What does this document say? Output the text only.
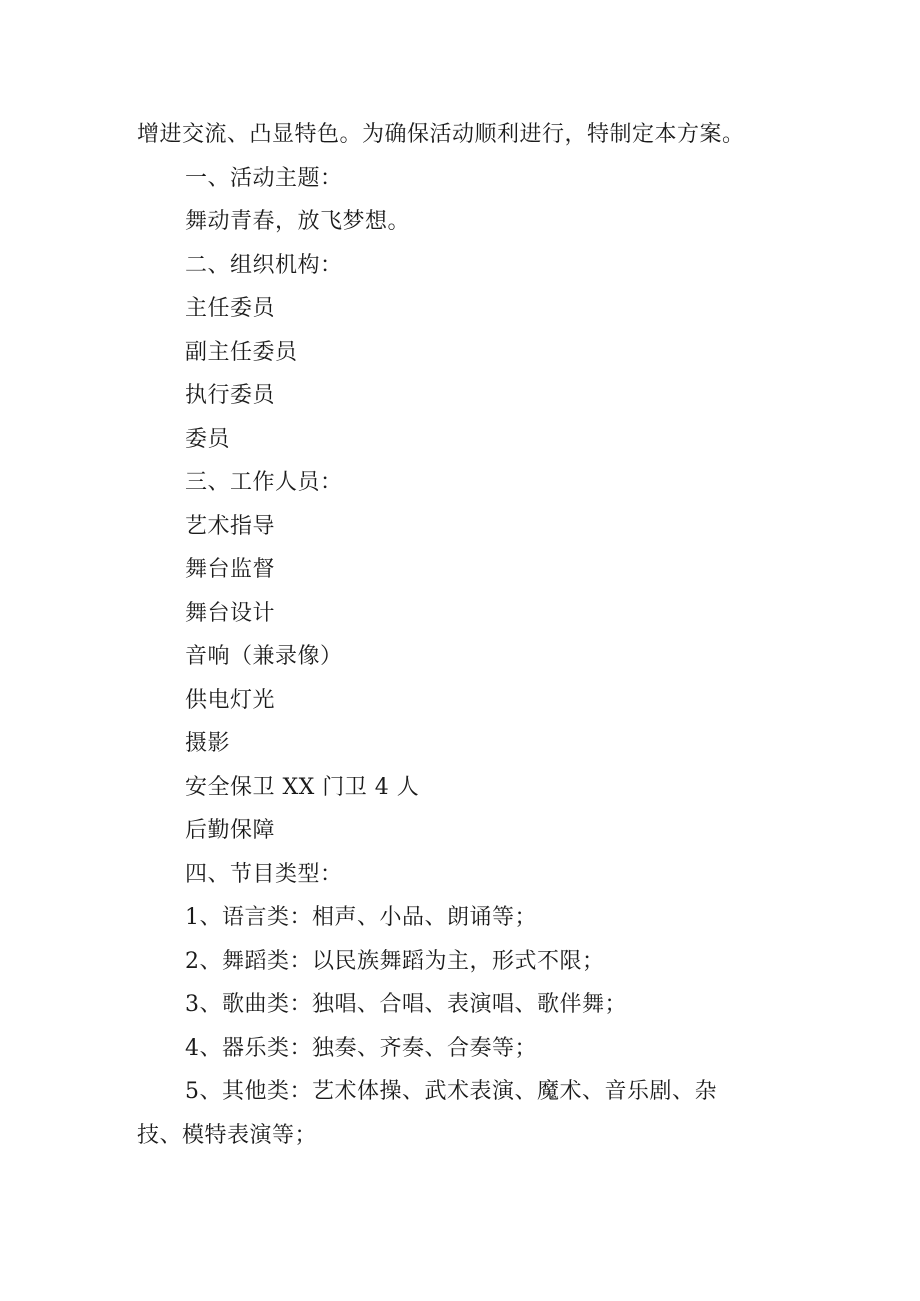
增进交流、凸显特色。为确保活动顺利进行，特制定本方案。
一、活动主题：
舞动青春，放飞梦想。
二、组织机构：
主任委员
副主任委员
执行委员
委员
三、工作人员：
艺术指导
舞台监督
舞台设计
音响（兼录像）
供电灯光
摄影
安全保卫 XX 门卫 4 人
后勤保障
四、节目类型：
1、语言类：相声、小品、朗诵等；
2、舞蹈类：以民族舞蹈为主，形式不限；
3、歌曲类：独唱、合唱、表演唱、歌伴舞；
4、器乐类：独奏、齐奏、合奏等；
5、其他类：艺术体操、武术表演、魔术、音乐剧、杂
技、模特表演等；
